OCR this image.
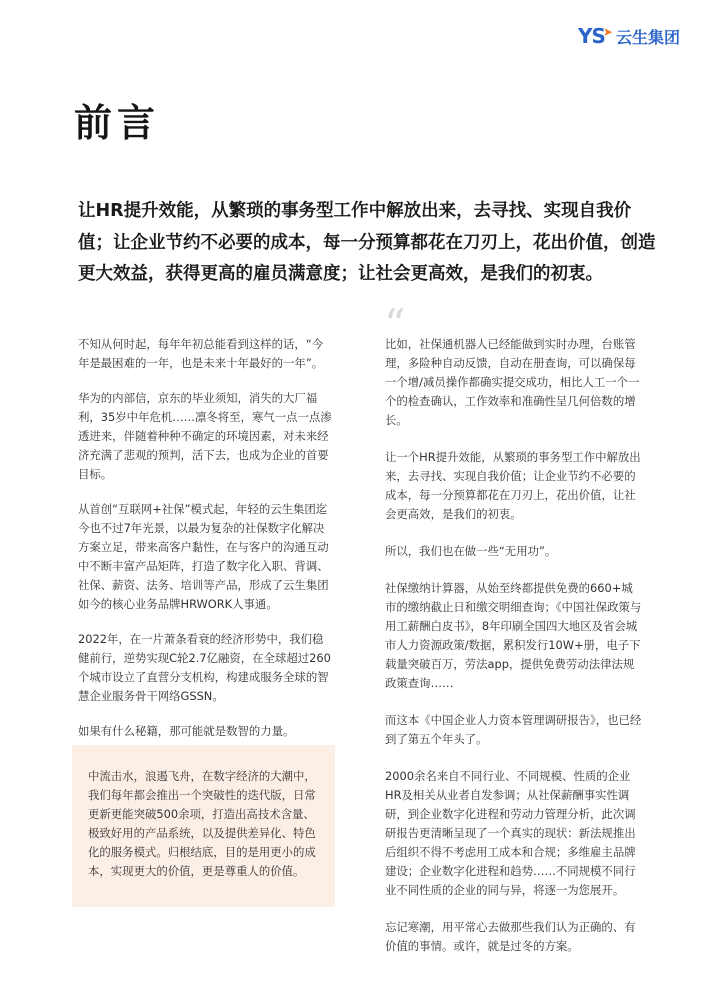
YS
➤ 云生集团
前言

让HR提升效能，从繁琐的事务型工作中解放出来，去寻找、实现自我价值；让企业节约不必要的成本，每一分预算都花在刀刃上，花出价值，创造更大效益，获得更高的雇员满意度；让社会更高效，是我们的初衷。

不知从何时起，每年年初总能看到这样的话，“今年是最困难的一年，也是未来十年最好的一年”。

华为的内部信，京东的毕业须知，消失的大厂福利，35岁中年危机……凛冬将至，寒气一点一点渗透进来，伴随着种种不确定的环境因素，对未来经济充满了悲观的预判，活下去，也成为企业的首要目标。

从首创“互联网+社保”模式起，年轻的云生集团迄今也不过7年光景，以最为复杂的社保数字化解决方案立足，带来高客户黏性，在与客户的沟通互动中不断丰富产品矩阵，打造了数字化入职、背调、社保、薪资、法务、培训等产品，形成了云生集团如今的核心业务品牌HRWORK人事通。

2022年，在一片萧条看衰的经济形势中，我们稳健前行，逆势实现C轮2.7亿融资，在全球超过260个城市设立了直营分支机构，构建成服务全球的智慧企业服务骨干网络GSSN。

如果有什么秘籍，那可能就是数智的力量。

中流击水，浪遏飞舟，在数字经济的大潮中，我们每年都会推出一个突破性的迭代版，日常更新更能突破500余项，打造出高技术含量、极致好用的产品系统，以及提供差异化、特色化的服务模式。归根结底，目的是用更小的成本，实现更大的价值，更是尊重人的价值。

“

比如，社保通机器人已经能做到实时办理，台账管理，多险种自动反馈，自动在册查询，可以确保每一个增/减员操作都确实提交成功，相比人工一个一个的检查确认，工作效率和准确性呈几何倍数的增长。

让一个HR提升效能，从繁琐的事务型工作中解放出来，去寻找、实现自我价值；让企业节约不必要的成本，每一分预算都花在刀刃上，花出价值，让社会更高效，是我们的初衷。

所以，我们也在做一些“无用功”。

社保缴纳计算器，从始至终都提供免费的660+城市的缴纳截止日和缴交明细查询；《中国社保政策与用工薪酬白皮书》，8年印刷全国四大地区及省会城市人力资源政策/数据，累积发行10W+册，电子下载量突破百万，劳法app，提供免费劳动法律法规政策查询……

而这本《中国企业人力资本管理调研报告》，也已经到了第五个年头了。

2000余名来自不同行业、不同规模、性质的企业HR及相关从业者自发参调；从社保薪酬事实性调研，到企业数字化进程和劳动力管理分析，此次调研报告更清晰呈现了一个真实的现状：新法规推出后组织不得不考虑用工成本和合规；多维雇主品牌建设；企业数字化进程和趋势……不同规模不同行业不同性质的企业的同与异，将逐一为您展开。

忘记寒潮，用平常心去做那些我们认为正确的、有价值的事情。或许，就是过冬的方案。
